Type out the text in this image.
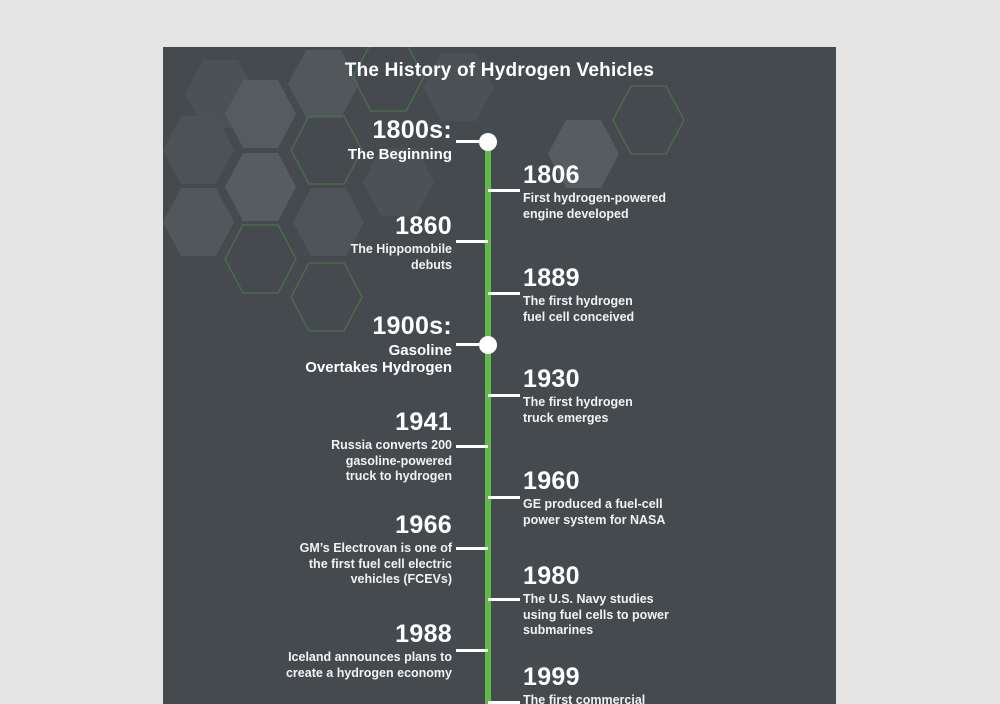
The History of Hydrogen Vehicles
1800s:
The Beginning
1806
First hydrogen-powered
engine developed
1860
The Hippomobile
debuts	1889
The first hydrogen
fuel cell conceived
1900s:
Gasoline
Overtakes Hydrogen	1930
The first hydrogen
truck emerges
1941
Russia converts 200
gasoline-powered
truck to hydrogen	1960
GE produced a fuel-cell
power system for NASA
1966
GM’s Electrovan is one of
the first fuel cell electric
vehicles (FCEVs)	1980
The U.S. Navy studies
using fuel cells to power
submarines
1988
Iceland announces plans to
create a hydrogen economy	1999
The first commercial
